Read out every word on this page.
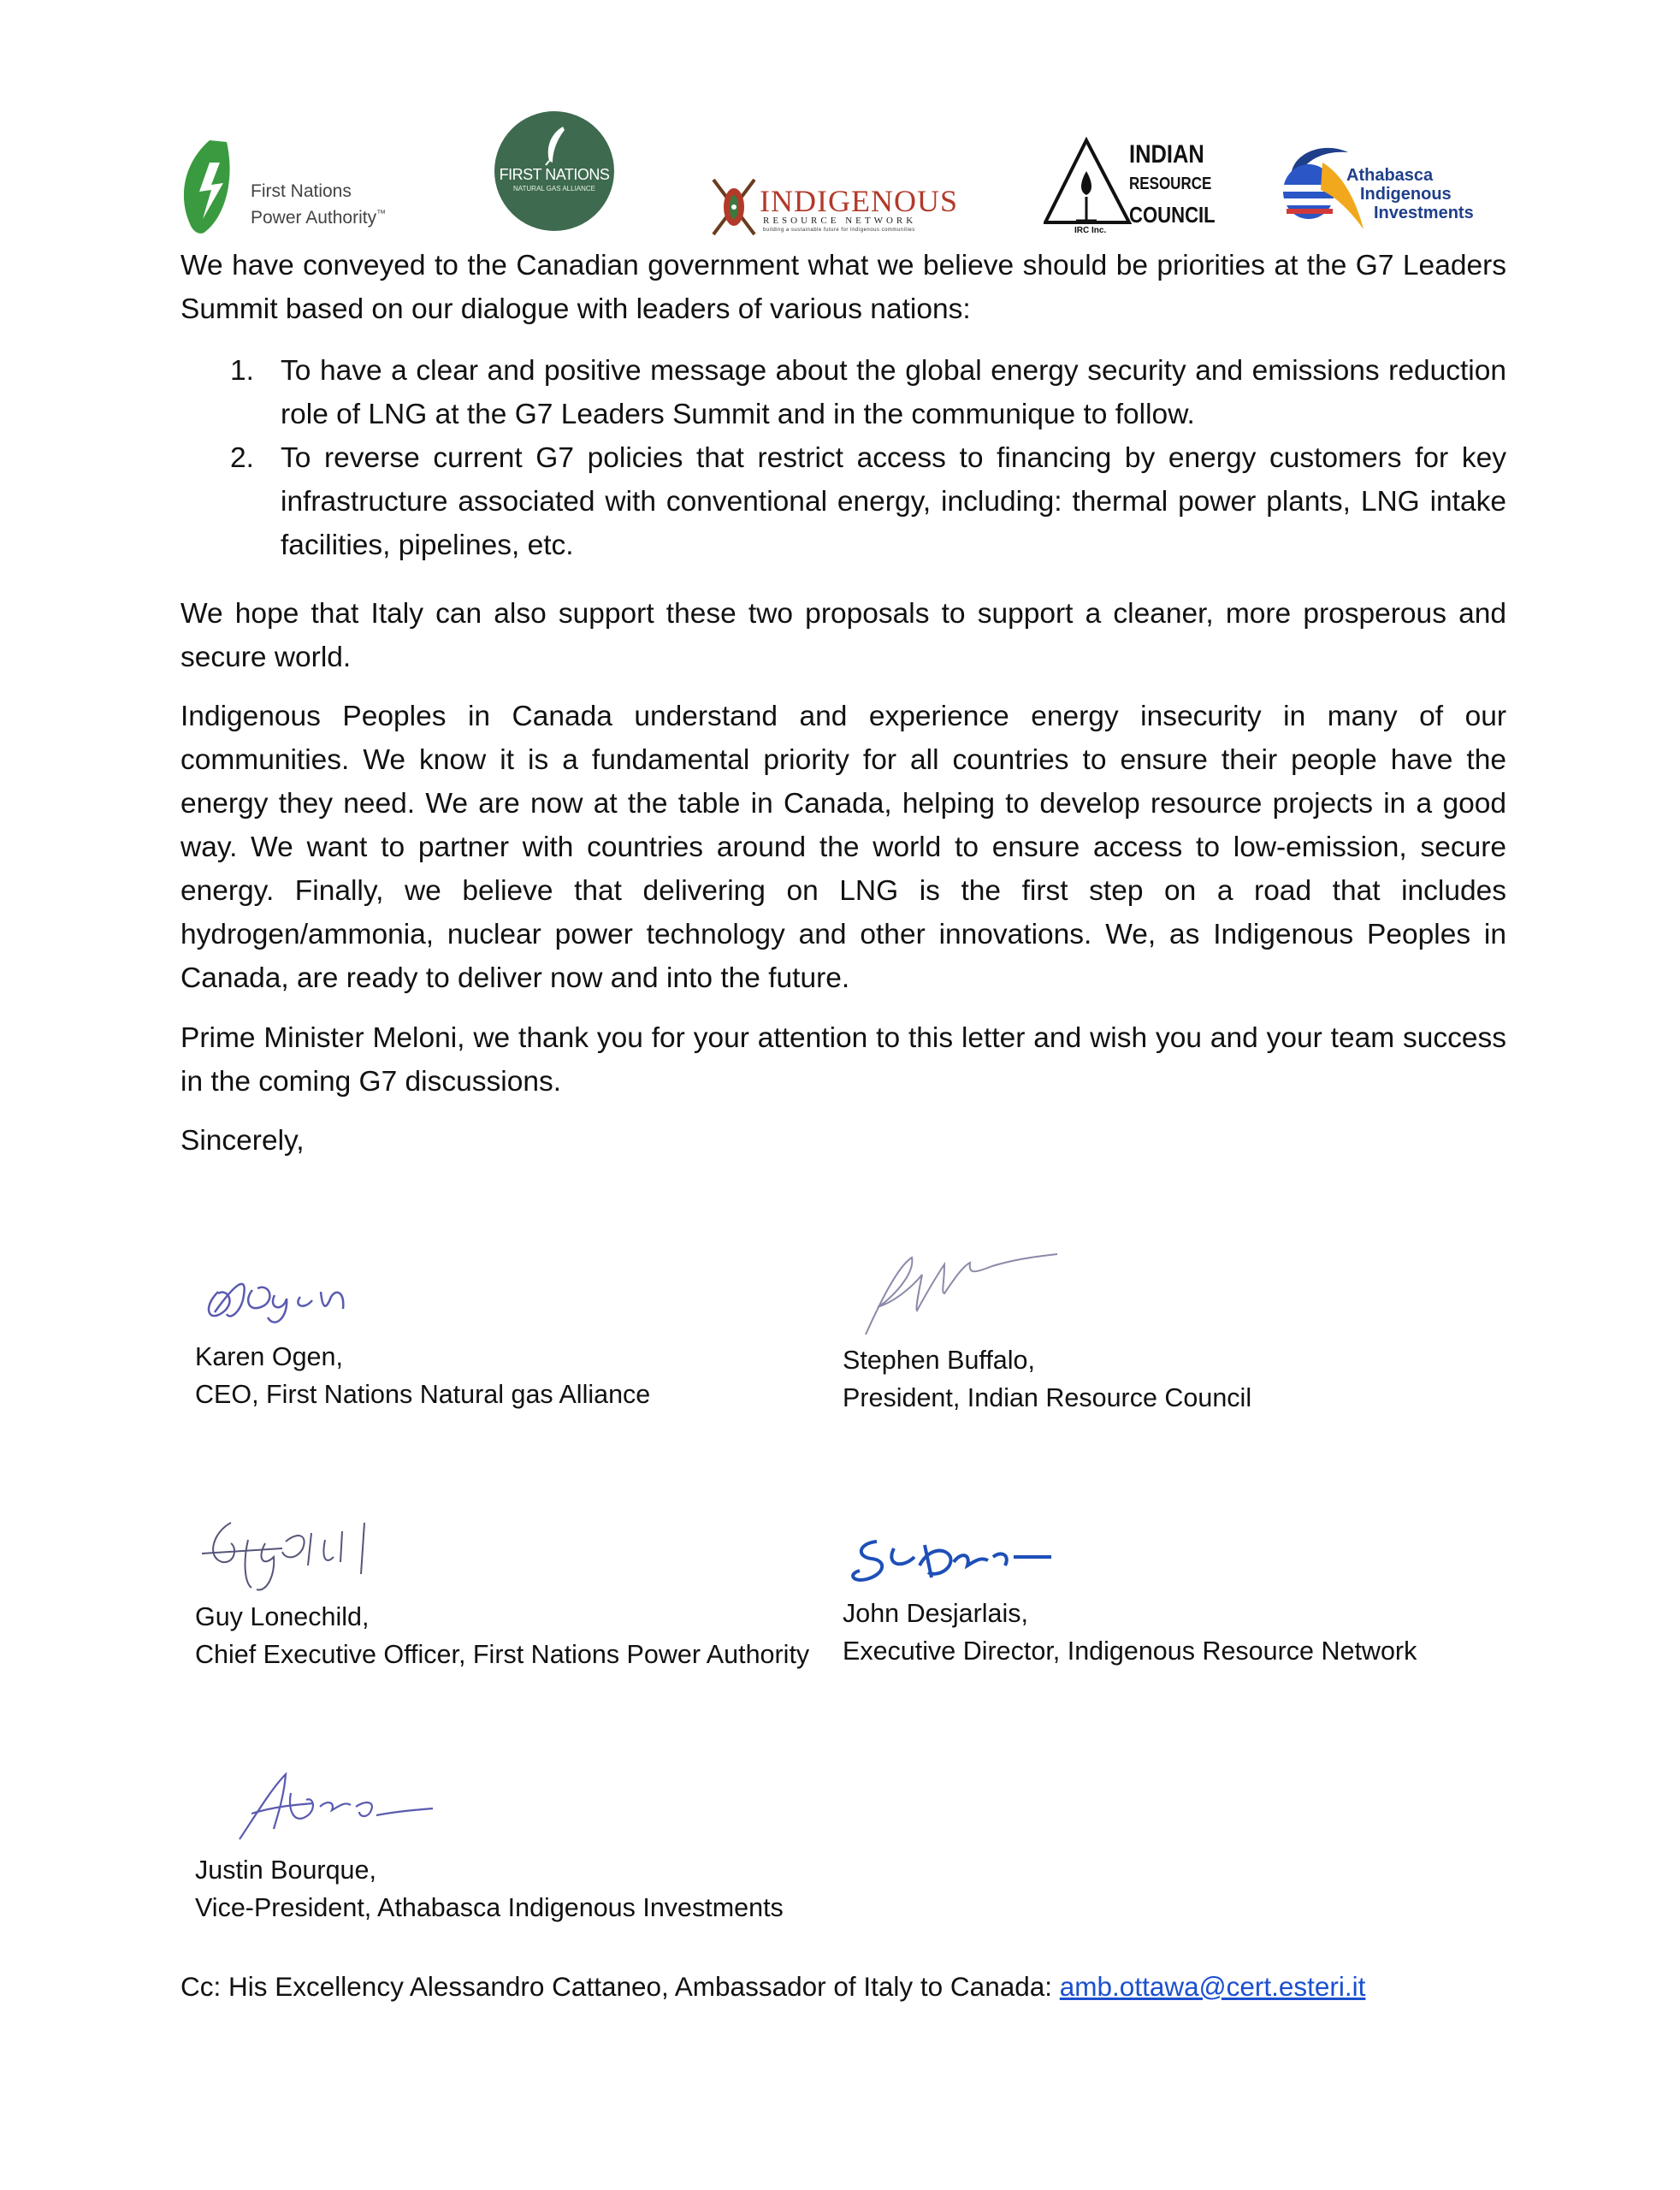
First Nations
Power Authority™
FIRST NATIONS
NATURAL GAS ALLIANCE	INDIGENOUS
RESOURCE NETWORK
building a sustainable future for Indigenous communities
INDIAN
RESOURCE
COUNCIL
IRC Inc.
Athabasca
Indigenous
Investments

We have conveyed to the Canadian government what we believe should be priorities at the G7 Leaders Summit based on our dialogue with leaders of various nations:

1. To have a clear and positive message about the global energy security and emissions reduction role of LNG at the G7 Leaders Summit and in the communique to follow.
2. To reverse current G7 policies that restrict access to financing by energy customers for key infrastructure associated with conventional energy, including: thermal power plants, LNG intake facilities, pipelines, etc.

We hope that Italy can also support these two proposals to support a cleaner, more prosperous and secure world.

Indigenous Peoples in Canada understand and experience energy insecurity in many of our communities. We know it is a fundamental priority for all countries to ensure their people have the energy they need. We are now at the table in Canada, helping to develop resource projects in a good way. We want to partner with countries around the world to ensure access to low-emission, secure energy. Finally, we believe that delivering on LNG is the first step on a road that includes hydrogen/ammonia, nuclear power technology and other innovations. We, as Indigenous Peoples in Canada, are ready to deliver now and into the future.

Prime Minister Meloni, we thank you for your attention to this letter and wish you and your team success in the coming G7 discussions.

Sincerely,

Karen Ogen,
CEO, First Nations Natural gas Alliance
Stephen Buffalo,
President, Indian Resource Council
Guy Lonechild,
Chief Executive Officer, First Nations Power Authority
John Desjarlais,
Executive Director, Indigenous Resource Network
Justin Bourque,
Vice-President, Athabasca Indigenous Investments
Cc: His Excellency Alessandro Cattaneo, Ambassador of Italy to Canada: amb.ottawa@cert.esteri.it
